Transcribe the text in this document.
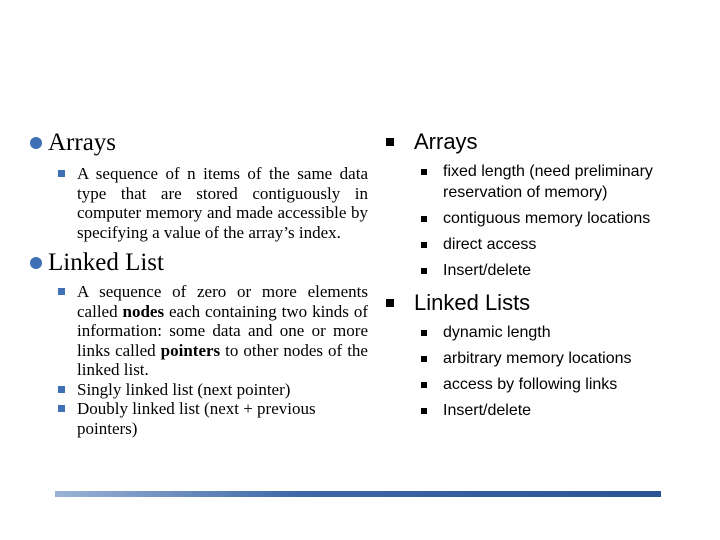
Arrays
A sequence of n items of the same data type that are stored contiguously in computer memory and made accessible by specifying a value of the array’s index.
Linked List
A sequence of zero or more elements called nodes each containing two kinds of information: some data and one or more links called pointers to other nodes of the linked list.
Singly linked list (next pointer)
Doubly linked list (next + previous pointers)
Arrays
fixed length (need preliminary reservation of memory)
contiguous memory locations
direct access
Insert/delete
Linked Lists
dynamic length
arbitrary memory locations
access by following links
Insert/delete
